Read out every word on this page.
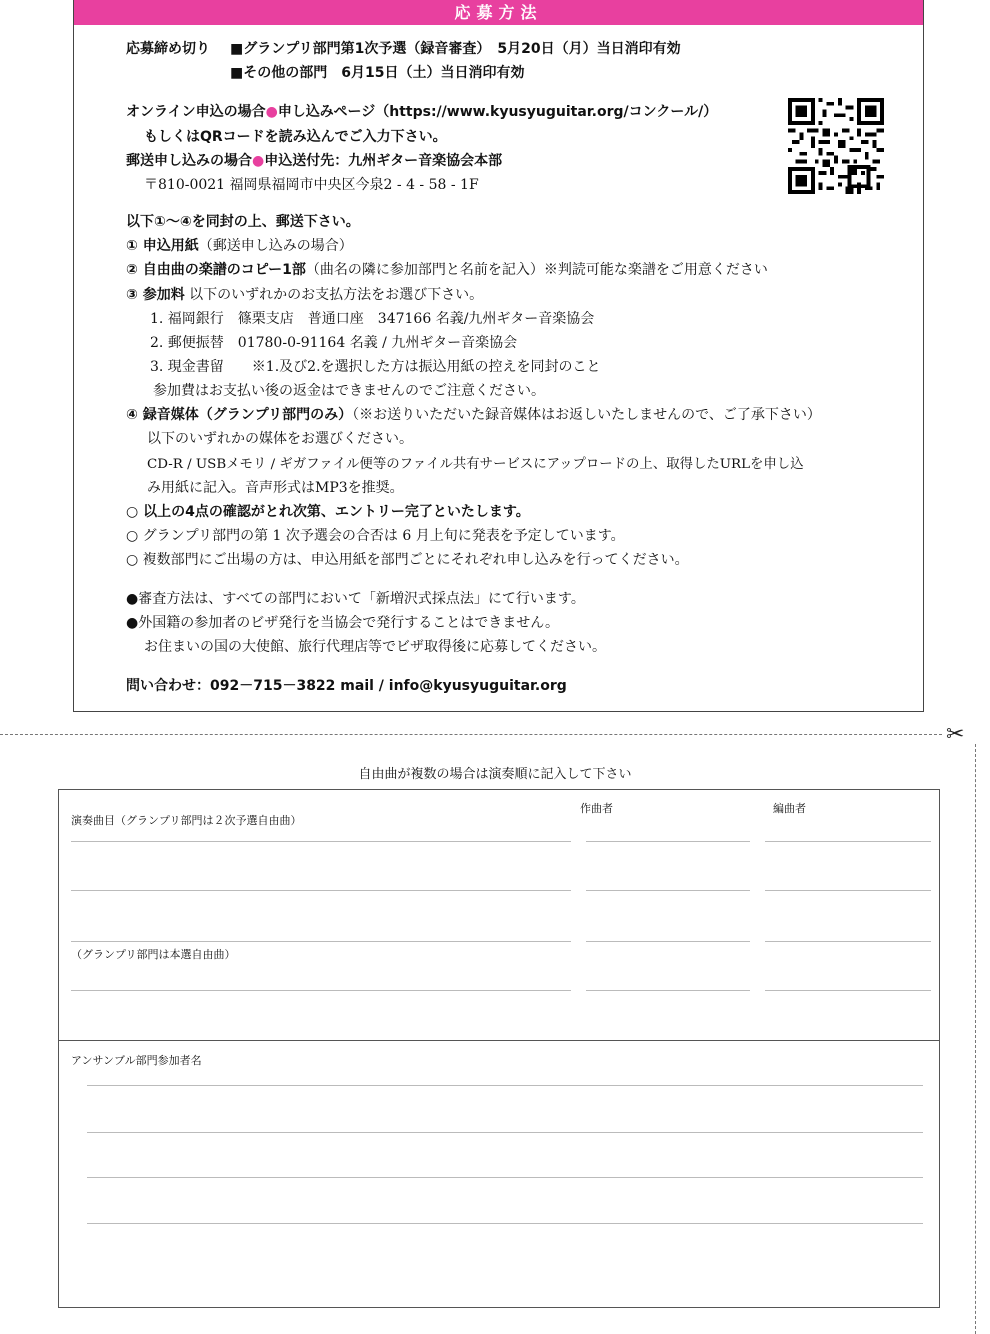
応募方法
応募締め切り ■グランプリ部門第1次予選（録音審査）　5月20日（月）当日消印有効
■その他の部門　6月15日（土）当日消印有効
オンライン申込の場合●申し込みページ（https://www.kyusyuguitar.org/コンクール/）
もしくはQRコードを読み込んでご入力下さい。
郵送申し込みの場合●申込送付先：九州ギター音楽協会本部
〒810-0021 福岡県福岡市中央区今泉2 - 4 - 58 - 1F
以下①〜④を同封の上、郵送下さい。
① 申込用紙（郵送申し込みの場合）
② 自由曲の楽譜のコピー1部（曲名の隣に参加部門と名前を記入）※判読可能な楽譜をご用意ください
③ 参加料 以下のいずれかのお支払方法をお選び下さい。
1. 福岡銀行　篠栗支店　普通口座　347166 名義/九州ギター音楽協会
2. 郵便振替　01780-0-91164 名義 / 九州ギター音楽協会
3. 現金書留　　※1.及び2.を選択した方は振込用紙の控えを同封のこと
参加費はお支払い後の返金はできませんのでご注意ください。
④ 録音媒体（グランプリ部門のみ）（※お送りいただいた録音媒体はお返しいたしませんので、ご了承下さい）
以下のいずれかの媒体をお選びください。
CD-R / USBメモリ / ギガファイル便等のファイル共有サービスにアップロードの上、取得したURLを申し込
み用紙に記入。音声形式はMP3を推奨。
○ 以上の4点の確認がとれ次第、エントリー完了といたします。
○ グランプリ部門の第 1 次予選会の合否は 6 月上旬に発表を予定しています。
○ 複数部門にご出場の方は、申込用紙を部門ごとにそれぞれ申し込みを行ってください。
●審査方法は、すべての部門において「新増沢式採点法」にて行います。
●外国籍の参加者のビザ発行を当協会で発行することはできません。
お住まいの国の大使館、旅行代理店等でビザ取得後に応募してください。
問い合わせ：092－715－3822 mail / info@kyusyuguitar.org
✂
自由曲が複数の場合は演奏順に記入して下さい
演奏曲目（グランプリ部門は２次予選自由曲）
作曲者	編曲者
（グランプリ部門は本選自由曲）
アンサンブル部門参加者名
